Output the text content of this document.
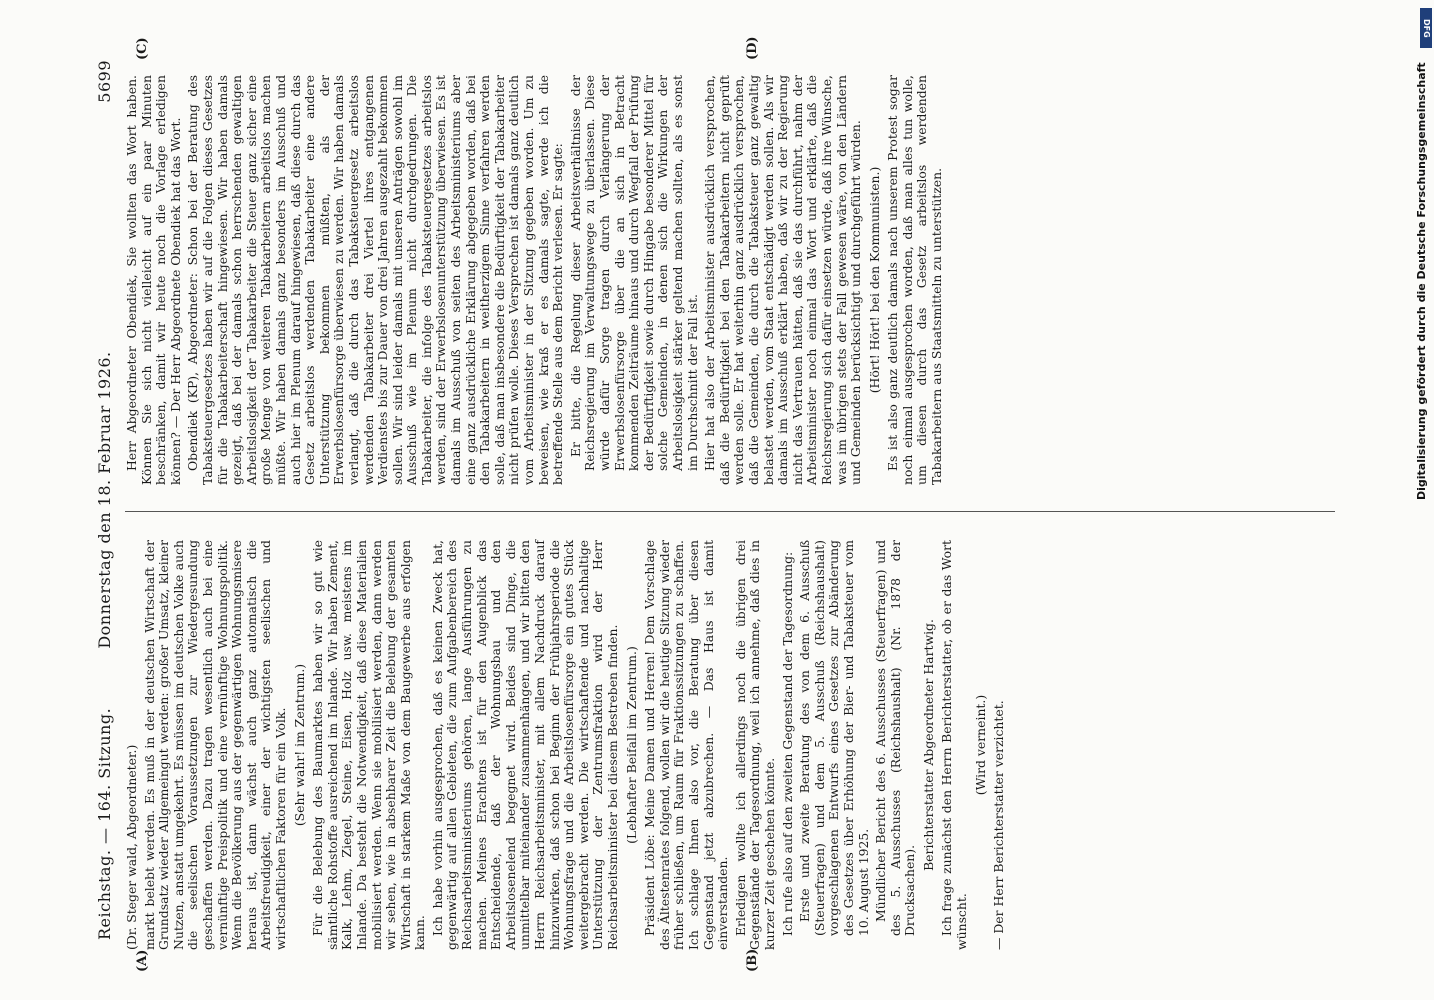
Reichstag. — 164. Sitzung.
Donnerstag den 18. Februar 1926.
5699
(A)	(B)
(C)	(D)

(Dr. Steger wald, Abgeordneter.) markt belebt werden. Es muß in der deutschen Wirtschaft der Grundsatz wieder Allgemeingut werden: großer Umsatz, kleiner Nutzen, anstatt umgekehrt. Es müssen im deutschen Volke auch die seelischen Voraussetzungen zur Wiedergesundung geschaffen werden. Dazu tragen wesentlich auch bei eine vernünftige Preispolitik und eine vernünftige Wohnungspolitik. Wenn die Bevölkerung aus der gegenwärtigen Wohnungsmisere heraus ist, dann wächst auch ganz automatisch die Arbeitsfreudigkeit, einer der wichtigsten seelischen und wirtschaftlichen Faktoren für ein Volk. (Sehr wahr! im Zentrum.) Für die Belebung des Baumarktes haben wir so gut wie sämtliche Rohstoffe ausreichend im Inlande. Wir haben Zement, Kalk, Lehm, Ziegel, Steine, Eisen, Holz usw. meistens im Inlande. Da besteht die Notwendigkeit, daß diese Materialien mobilisiert werden. Wenn sie mobilisiert werden, dann werden wir sehen, wie in absehbarer Zeit die Belebung der gesamten Wirtschaft in starkem Maße von dem Baugewerbe aus erfolgen kann. Ich habe vorhin ausgesprochen, daß es keinen Zweck hat, gegenwärtig auf allen Gebieten, die zum Aufgabenbereich des Reichsarbeitsministeriums gehören, lange Ausführungen zu machen. Meines Erachtens ist für den Augenblick das Entscheidende, daß der Wohnungsbau und den Arbeitslosenelend begegnet wird. Beides sind Dinge, die unmittelbar miteinander zusammenhängen, und wir bitten den Herrn Reichsarbeitsminister, mit allem Nachdruck darauf hinzuwirken, daß schon bei Beginn der Frühjahrsperiode die Wohnungsfrage und die Arbeitslosenfürsorge ein gutes Stück weitergebracht werden. Die wirtschaftende und nachhaltige Unterstützung der Zentrumsfraktion wird der Herr Reichsarbeitsminister bei diesem Bestreben finden. (Lebhafter Beifall im Zentrum.) Präsident Löbe: Meine Damen und Herren! Dem Vorschlage des Ältestenrates folgend, wollen wir die heutige Sitzung wieder früher schließen, um Raum für Fraktionssitzungen zu schaffen. Ich schlage Ihnen also vor, die Beratung über diesen Gegenstand jetzt abzubrechen. — Das Haus ist damit einverstanden. Erledigen wollte ich allerdings noch die übrigen drei Gegenstände der Tagesordnung, weil ich annehme, daß dies in kurzer Zeit geschehen könnte. Ich rufe also auf den zweiten Gegenstand der Tagesordnung: Erste und zweite Beratung des von dem 6. Ausschuß (Steuerfragen) und dem 5. Ausschuß (Reichshaushalt) vorgeschlagenen Entwurfs eines Gesetzes zur Abänderung des Gesetzes über Erhöhung der Bier- und Tabaksteuer vom 10. August 1925. Mündlicher Bericht des 6. Ausschusses (Steuerfragen) und des 5. Ausschusses (Reichshaushalt) (Nr. 1878 der Drucksachen).

Berichterstatter Abgeordneter Hartwig. Ich frage zunächst den Herrn Berichterstatter, ob er das Wort wünscht.

(Wird verneint.) — Der Herr Berichterstatter verzichtet.

Herr Abgeordneter Obendiek, Sie wollten das Wort haben. Können Sie sich nicht vielleicht auf ein paar Minuten beschränken, damit wir heute noch die Vorlage erledigen können? — Der Herr Abgeordnete Obendiek hat das Wort. Obendiek (KP), Abgeordneter: Schon bei der Beratung des Tabaksteuergesetzes haben wir auf die Folgen dieses Gesetzes für die Tabakarbeiterschaft hingewiesen. Wir haben damals gezeigt, daß bei der damals schon herrschenden gewaltigen Arbeitslosigkeit der Tabakarbeiter die Steuer ganz sicher eine große Menge von weiteren Tabakarbeitern arbeitslos machen müßte. Wir haben damals ganz besonders im Ausschuß und auch hier im Plenum darauf hingewiesen, daß diese durch das Gesetz arbeitslos werdenden Tabakarbeiter eine andere Unterstützung bekommen müßten, als der Erwerbslosenfürsorge überwiesen zu werden. Wir haben damals verlangt, daß die durch das Tabaksteuergesetz arbeitslos werdenden Tabakarbeiter drei Viertel ihres entgangenen Verdienstes bis zur Dauer von drei Jahren ausgezahlt bekommen sollen. Wir sind leider damals mit unseren Anträgen sowohl im Ausschuß wie im Plenum nicht durchgedrungen. Die Tabakarbeiter, die infolge des Tabaksteuergesetzes arbeitslos werden, sind der Erwerbslosenunterstützung überwiesen. Es ist damals im Ausschuß von seiten des Arbeitsministeriums aber eine ganz ausdrückliche Erklärung abgegeben worden, daß bei den Tabakarbeitern in weitherzigem Sinne verfahren werden solle, daß man insbesondere die Bedürftigkeit der Tabakarbeiter nicht prüfen wolle. Dieses Versprechen ist damals ganz deutlich vom Arbeitsminister in der Sitzung gegeben worden. Um zu beweisen, wie kraß er es damals sagte, werde ich die betreffende Stelle aus dem Bericht verlesen. Er sagte: Er bitte, die Regelung dieser Arbeitsverhältnisse der Reichsregierung im Verwaltungswege zu überlassen. Diese würde dafür Sorge tragen durch Verlängerung der Erwerbslosenfürsorge über die an sich in Betracht kommenden Zeiträume hinaus und durch Wegfall der Prüfung der Bedürftigkeit sowie durch Hingabe besonderer Mittel für solche Gemeinden, in denen sich die Wirkungen der Arbeitslosigkeit stärker geltend machen sollten, als es sonst im Durchschnitt der Fall ist. Hier hat also der Arbeitsminister ausdrücklich versprochen, daß die Bedürftigkeit bei den Tabakarbeitern nicht geprüft werden solle. Er hat weiterhin ganz ausdrücklich versprochen, daß die Gemeinden, die durch die Tabaksteuer ganz gewaltig belastet werden, vom Staat entschädigt werden sollen. Als wir damals im Ausschuß erklärt haben, daß wir zu der Regierung nicht das Vertrauen hätten, daß sie das durchführt, nahm der Arbeitsminister noch einmal das Wort und erklärte, daß die Reichsregierung sich dafür einsetzen würde, daß ihre Wünsche, was im übrigen stets der Fall gewesen wäre, von den Ländern und Gemeinden berücksichtigt und durchgeführt würden. (Hört! Hört! bei den Kommunisten.) Es ist also ganz deutlich damals nach unserem Protest sogar noch einmal ausgesprochen worden, daß man alles tun wolle, um diesen durch das Gesetz arbeitslos werdenden Tabakarbeitern aus Staatsmitteln zu unterstützen.

DFG
Digitalisierung gefördert durch die Deutsche Forschungsgemeinschaft
